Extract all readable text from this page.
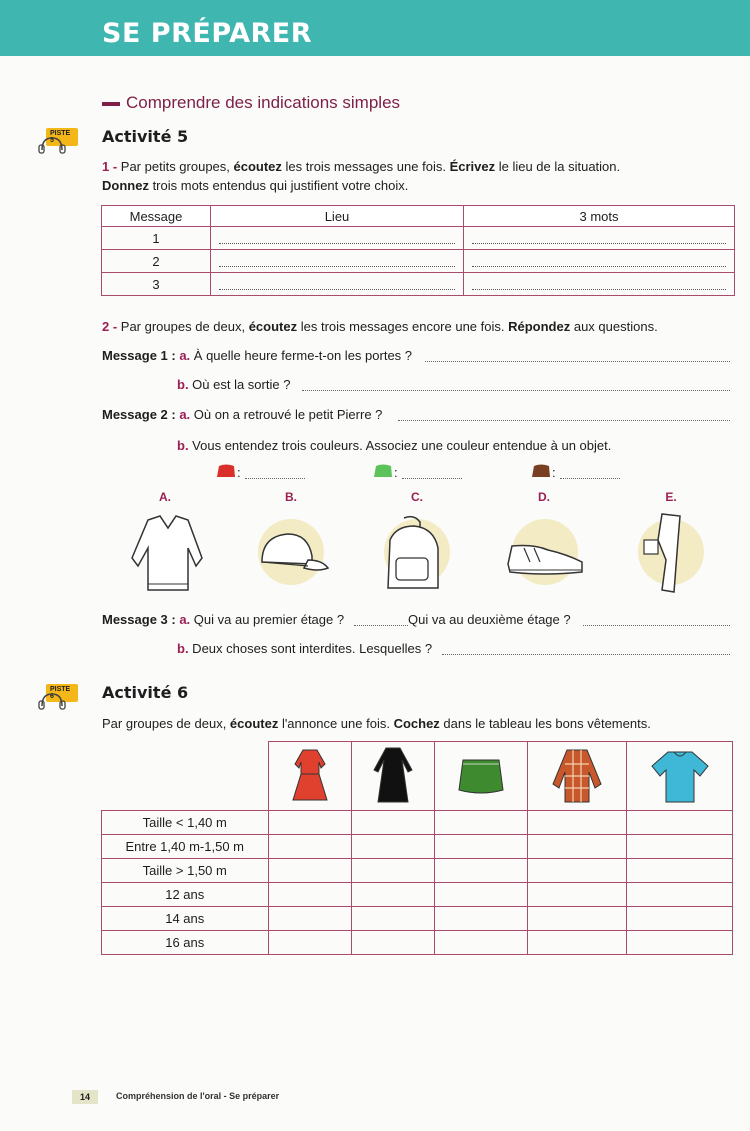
SE PRÉPARER
Comprendre des indications simples
PISTE 5	Activité 5
1 - Par petits groupes, écoutez les trois messages une fois. Écrivez le lieu de la situation.
Donnez trois mots entendus qui justifient votre choix.
Message	Lieu	3 mots
1	

2	

3	

2 - Par groupes de deux, écoutez les trois messages encore une fois. Répondez aux questions.
Message 1 : a. À quelle heure ferme-t-on les portes ?
b. Où est la sortie ?
Message 2 : a. Où on a retrouvé le petit Pierre ?
b. Vous entendez trois couleurs. Associez une couleur entendue à un objet.
:	:	:
A.	B.	C.	D.	E.
Message 3 : a. Qui va au premier étage ?	Qui va au deuxième étage ?
b. Deux choses sont interdites. Lesquelles ?
PISTE 6	Activité 6
Par groupes de deux, écoutez l'annonce une fois. Cochez dans le tableau les bons vêtements.

Taille < 1,40 m					
Entre 1,40 m-1,50 m					
Taille > 1,50 m					
12 ans					
14 ans					
16 ans					
14	Compréhension de l'oral - Se préparer
